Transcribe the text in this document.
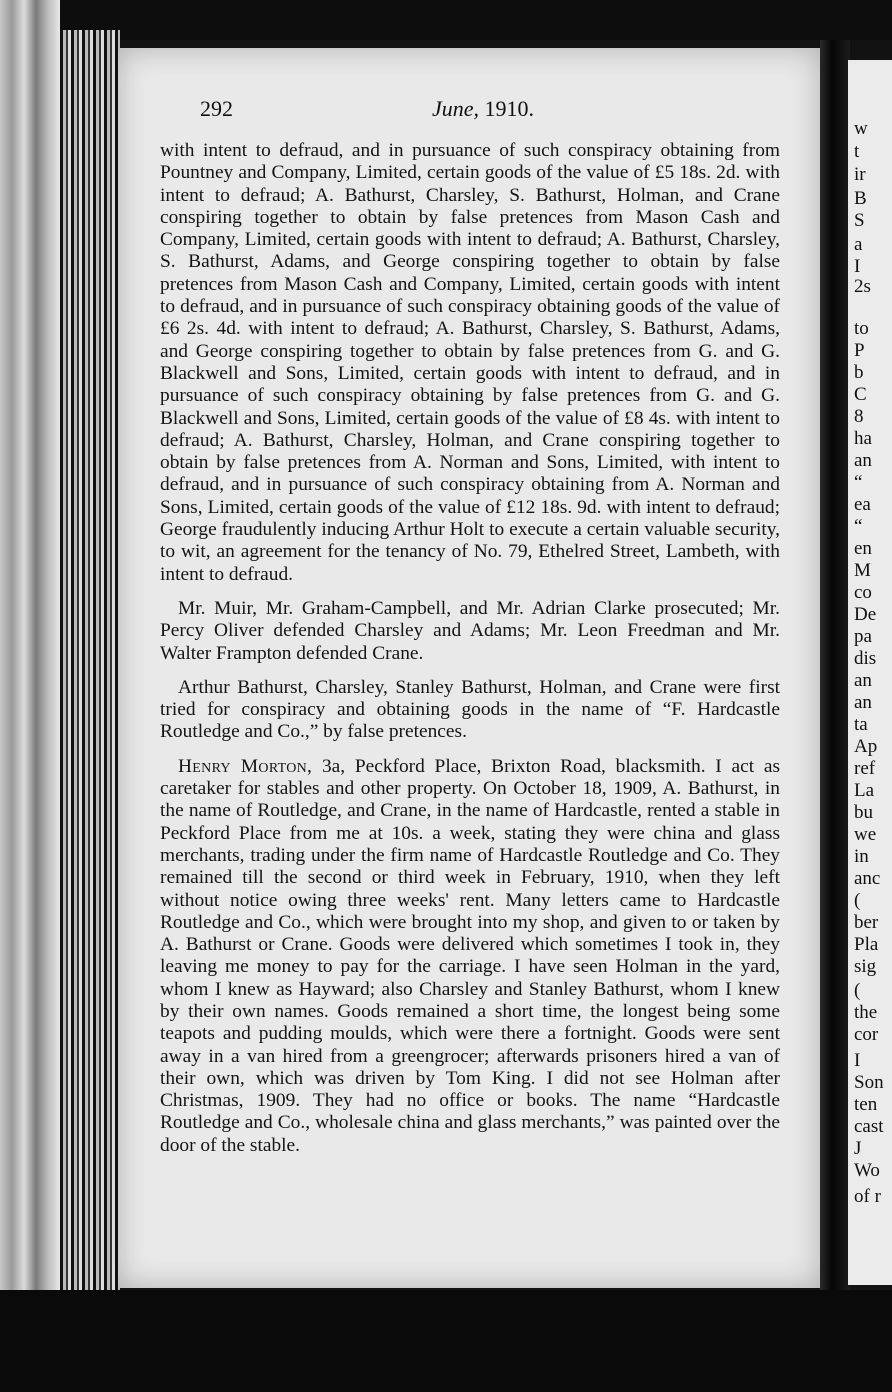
w
t
ir
B
S
a
I
2s
to
P
b
C
8
ha
an
“
ea
“
en
M
co
De
pa
dis
an
an
ta
Ap
ref
La
bu
we
in
anc
(
ber
Pla
sig
(
the
cor
I
Son
ten
cast
J
Wo
of r
292	June, 1910.

with intent to defraud, and in pursuance of such conspiracy obtaining from Pountney and Company, Limited, certain goods of the value of £5 18s. 2d. with intent to defraud; A. Bathurst, Charsley, S. Bathurst, Holman, and Crane conspiring together to obtain by false pretences from Mason Cash and Company, Limited, certain goods with intent to defraud; A. Bathurst, Charsley, S. Bathurst, Adams, and George conspiring together to obtain by false pretences from Mason Cash and Company, Limited, certain goods with intent to defraud, and in pursuance of such conspiracy obtaining goods of the value of £6 2s. 4d. with intent to defraud; A. Bathurst, Charsley, S. Bathurst, Adams, and George conspiring together to obtain by false pretences from G. and G. Blackwell and Sons, Limited, certain goods with intent to defraud, and in pursuance of such conspiracy obtaining by false pretences from G. and G. Blackwell and Sons, Limited, certain goods of the value of £8 4s. with intent to defraud; A. Bathurst, Charsley, Holman, and Crane conspiring together to obtain by false pretences from A. Norman and Sons, Limited, with intent to defraud, and in pursuance of such conspiracy obtaining from A. Norman and Sons, Limited, certain goods of the value of £12 18s. 9d. with intent to defraud; George fraudulently inducing Arthur Holt to execute a certain valuable security, to wit, an agreement for the tenancy of No. 79, Ethelred Street, Lambeth, with intent to defraud.

Mr. Muir, Mr. Graham-Campbell, and Mr. Adrian Clarke prosecuted; Mr. Percy Oliver defended Charsley and Adams; Mr. Leon Freedman and Mr. Walter Frampton defended Crane.

Arthur Bathurst, Charsley, Stanley Bathurst, Holman, and Crane were first tried for conspiracy and obtaining goods in the name of “F. Hardcastle Routledge and Co.,” by false pretences.

Henry Morton, 3a, Peckford Place, Brixton Road, blacksmith. I act as caretaker for stables and other property. On October 18, 1909, A. Bathurst, in the name of Routledge, and Crane, in the name of Hardcastle, rented a stable in Peckford Place from me at 10s. a week, stating they were china and glass merchants, trading under the firm name of Hardcastle Routledge and Co. They remained till the second or third week in February, 1910, when they left without notice owing three weeks' rent. Many letters came to Hardcastle Routledge and Co., which were brought into my shop, and given to or taken by A. Bathurst or Crane. Goods were delivered which sometimes I took in, they leaving me money to pay for the carriage. I have seen Holman in the yard, whom I knew as Hayward; also Charsley and Stanley Bathurst, whom I knew by their own names. Goods remained a short time, the longest being some teapots and pudding moulds, which were there a fortnight. Goods were sent away in a van hired from a greengrocer; afterwards prisoners hired a van of their own, which was driven by Tom King. I did not see Holman after Christmas, 1909. They had no office or books. The name “Hardcastle Routledge and Co., wholesale china and glass merchants,” was painted over the door of the stable.
